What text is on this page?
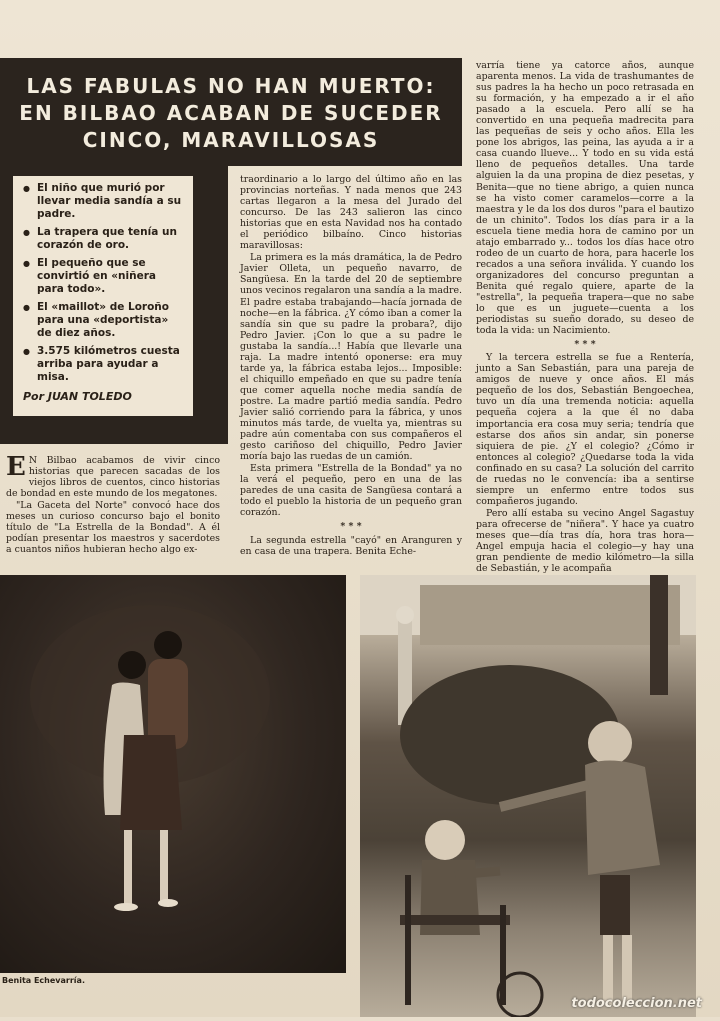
LAS FABULAS NO HAN MUERTO:
EN BILBAO ACABAN DE SUCEDER
CINCO, MARAVILLOSAS
● El niño que murió por llevar media sandía a su padre.
● La trapera que tenía un corazón de oro.
● El pequeño que se convirtió en «niñera para todo».
● El «maillot» de Loroño para una «deportista» de diez años.
● 3.575 kilómetros cuesta arriba para ayudar a misa.
Por JUAN TOLEDO
E N Bilbao acabamos de vivir cinco historias que parecen sacadas de los viejos libros de cuentos, cinco historias de bondad en este mundo de los megatones.

"La Gaceta del Norte" convocó hace dos meses un curioso concurso bajo el bonito título de "La Estrella de la Bondad". A él podían presentar los maestros y sacerdotes a cuantos niños hubieran hecho algo ex-

traordinario a lo largo del último año en las provincias norteñas. Y nada menos que 243 cartas llegaron a la mesa del Jurado del concurso. De las 243 salieron las cinco historias que en esta Navidad nos ha contado el periódico bilbaíno. Cinco historias maravillosas:

La primera es la más dramática, la de Pedro Javier Olleta, un pequeño navarro, de Sangüesa. En la tarde del 20 de septiembre unos vecinos regalaron una sandía a la madre. El padre estaba trabajando—hacía jornada de noche—en la fábrica. ¿Y cómo iban a comer la sandía sin que su padre la probara?, dijo Pedro Javier. ¡Con lo que a su padre le gustaba la sandía...! Había que llevarle una raja. La madre intentó oponerse: era muy tarde ya, la fábrica estaba lejos... Imposible: el chiquillo empeñado en que su padre tenía que comer aquella noche media sandía de postre. La madre partió media sandía. Pedro Javier salió corriendo para la fábrica, y unos minutos más tarde, de vuelta ya, mientras su padre aún comentaba con sus compañeros el gesto cariñoso del chiquillo, Pedro Javier moría bajo las ruedas de un camión.

Esta primera "Estrella de la Bondad" ya no la verá el pequeño, pero en una de las paredes de una casita de Sangüesa contará a todo el pueblo la historia de un pequeño gran corazón.

* * *

La segunda estrella "cayó" en Aranguren y en casa de una trapera. Benita Eche-

varría tiene ya catorce años, aunque aparenta menos. La vida de trashumantes de sus padres la ha hecho un poco retrasada en su formación, y ha empezado a ir el año pasado a la escuela. Pero allí se ha convertido en una pequeña madrecita para las pequeñas de seis y ocho años. Ella les pone los abrigos, las peina, las ayuda a ir a casa cuando llueve... Y todo en su vida está lleno de pequeños detalles. Una tarde alguien la da una propina de diez pesetas, y Benita—que no tiene abrigo, a quien nunca se ha visto comer caramelos—corre a la maestra y le da los dos duros "para el bautizo de un chinito". Todos los días para ir a la escuela tiene media hora de camino por un atajo embarrado y... todos los días hace otro rodeo de un cuarto de hora, para hacerle los recados a una señora inválida. Y cuando los organizadores del concurso preguntan a Benita qué regalo quiere, aparte de la "estrella", la pequeña trapera—que no sabe lo que es un juguete—cuenta a los periodistas su sueño dorado, su deseo de toda la vida: un Nacimiento.

* * *

Y la tercera estrella se fue a Rentería, junto a San Sebastián, para una pareja de amigos de nueve y once años. El más pequeño de los dos, Sebastián Bengoechea, tuvo un día una tremenda noticia: aquella pequeña cojera a la que él no daba importancia era cosa muy seria; tendría que estarse dos años sin andar, sin ponerse siquiera de pie. ¿Y el colegio? ¿Cómo ir entonces al colegio? ¿Quedarse toda la vida confinado en su casa? La solución del carrito de ruedas no le convencía: iba a sentirse siempre un enfermo entre todos sus compañeros jugando.

Pero allí estaba su vecino Angel Sagastuy para ofrecerse de "niñera". Y hace ya cuatro meses que—día tras día, hora tras hora—Angel empuja hacia el colegio—y hay una gran pendiente de medio kilómetro—la silla de Sebastián, y le acompaña

Benita Echevarría.
todocoleccion.net
